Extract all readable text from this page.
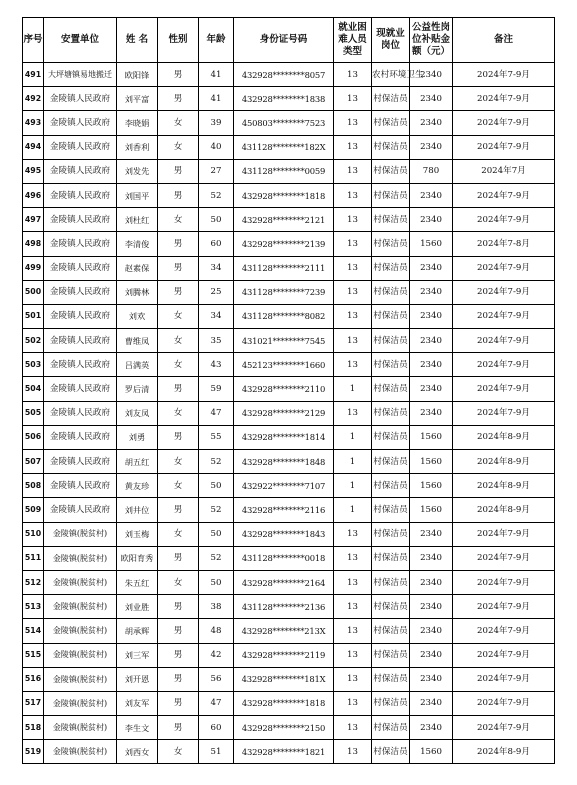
序号	安置单位	姓 名	性别	年龄	身份证号码	就业困难人员类型	现就业岗位	公益性岗位补贴金额（元）	备注
491	大坪塘镇易地搬迁	欧阳锋	男	41	432928********8057	13	农村环境卫生	2340	2024年7-9月
492	金陵镇人民政府	刘平富	男	41	432928********1838	13	村保洁员	2340	2024年7-9月
493	金陵镇人民政府	李晓娟	女	39	450803********7523	13	村保洁员	2340	2024年7-9月
494	金陵镇人民政府	刘香利	女	40	431128********182X	13	村保洁员	2340	2024年7-9月
495	金陵镇人民政府	刘发先	男	27	431128********0059	13	村保洁员	780	2024年7月
496	金陵镇人民政府	刘国平	男	52	432928********1818	13	村保洁员	2340	2024年7-9月
497	金陵镇人民政府	刘杜红	女	50	432928********2121	13	村保洁员	2340	2024年7-9月
498	金陵镇人民政府	李清俊	男	60	432928********2139	13	村保洁员	1560	2024年7-8月
499	金陵镇人民政府	赵素保	男	34	431128********2111	13	村保洁员	2340	2024年7-9月
500	金陵镇人民政府	刘腾林	男	25	431128********7239	13	村保洁员	2340	2024年7-9月
501	金陵镇人民政府	刘欢	女	34	431128********8082	13	村保洁员	2340	2024年7-9月
502	金陵镇人民政府	曹维凤	女	35	431021********7545	13	村保洁员	2340	2024年7-9月
503	金陵镇人民政府	吕满英	女	43	452123********1660	13	村保洁员	2340	2024年7-9月
504	金陵镇人民政府	罗后清	男	59	432928********2110	1	村保洁员	2340	2024年7-9月
505	金陵镇人民政府	刘友凤	女	47	432928********2129	13	村保洁员	2340	2024年7-9月
506	金陵镇人民政府	刘勇	男	55	432928********1814	1	村保洁员	1560	2024年8-9月
507	金陵镇人民政府	胡五红	女	52	432928********1848	1	村保洁员	1560	2024年8-9月
508	金陵镇人民政府	黄友珍	女	50	432922********7107	1	村保洁员	1560	2024年8-9月
509	金陵镇人民政府	刘井位	男	52	432928********2116	1	村保洁员	1560	2024年8-9月
510	金陵镇(脱贫村)	刘玉梅	女	50	432928********1843	13	村保洁员	2340	2024年7-9月
511	金陵镇(脱贫村)	欧阳育秀	男	52	431128********0018	13	村保洁员	2340	2024年7-9月
512	金陵镇(脱贫村)	朱五红	女	50	432928********2164	13	村保洁员	2340	2024年7-9月
513	金陵镇(脱贫村)	刘业胜	男	38	431128********2136	13	村保洁员	2340	2024年7-9月
514	金陵镇(脱贫村)	胡承辉	男	48	432928********213X	13	村保洁员	2340	2024年7-9月
515	金陵镇(脱贫村)	刘三军	男	42	432928********2119	13	村保洁员	2340	2024年7-9月
516	金陵镇(脱贫村)	刘开恩	男	56	432928********181X	13	村保洁员	2340	2024年7-9月
517	金陵镇(脱贫村)	刘友军	男	47	432928********1818	13	村保洁员	2340	2024年7-9月
518	金陵镇(脱贫村)	李生文	男	60	432928********2150	13	村保洁员	2340	2024年7-9月
519	金陵镇(脱贫村)	刘西女	女	51	432928********1821	13	村保洁员	1560	2024年8-9月
